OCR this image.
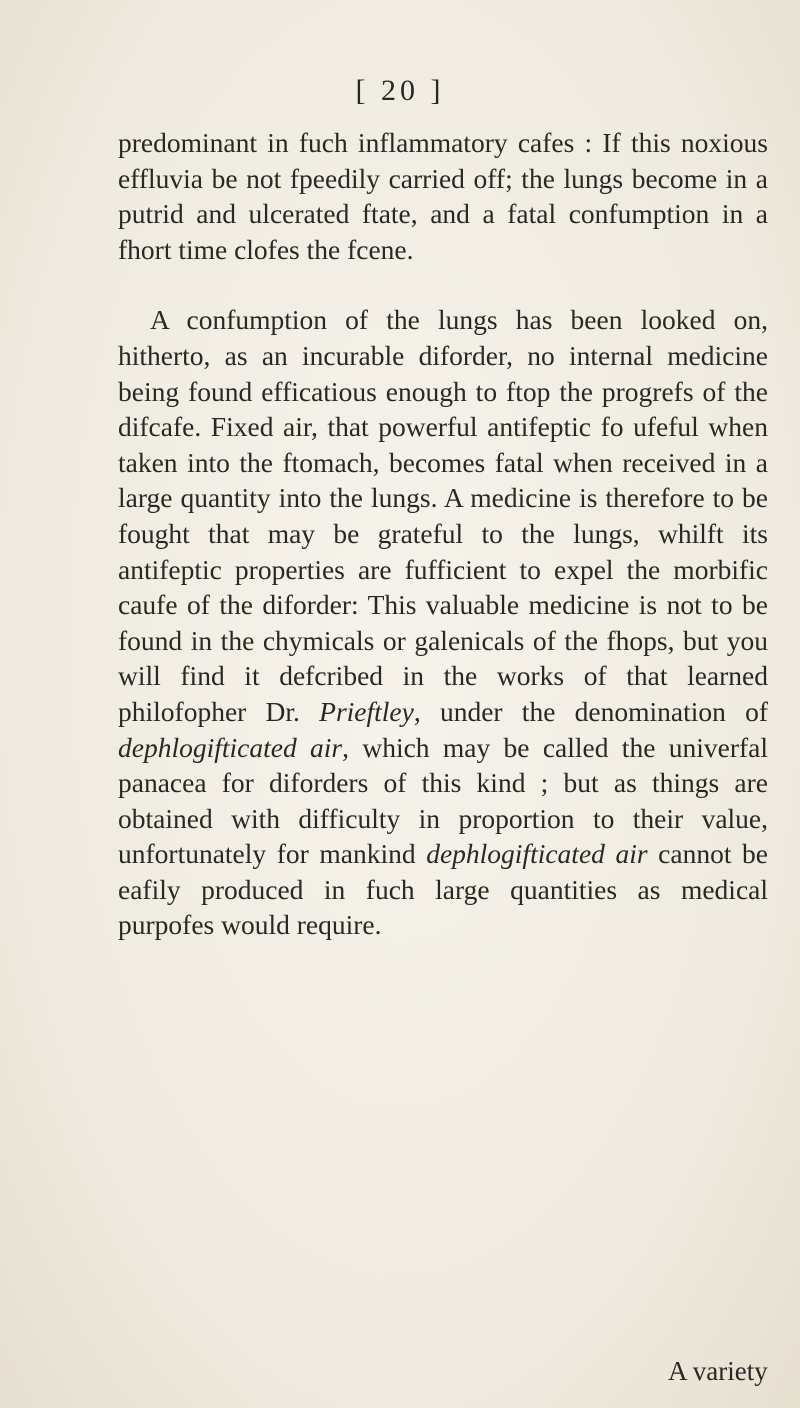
[ 20 ]

predominant in fuch inflammatory cafes : If this noxious effluvia be not fpeedily carried off; the lungs become in a putrid and ulcerated ftate, and a fatal confumption in a fhort time clofes the fcene.

A confumption of the lungs has been looked on, hitherto, as an incurable diforder, no internal medicine being found efficatious enough to ftop the progrefs of the difcafe. Fixed air, that powerful antifeptic fo ufeful when taken into the ftomach, becomes fatal when received in a large quantity into the lungs. A medicine is therefore to be fought that may be grateful to the lungs, whilft its antifeptic properties are fufficient to expel the morbific caufe of the diforder: This valuable medicine is not to be found in the chymicals or galenicals of the fhops, but you will find it defcribed in the works of that learned philofopher Dr. Prieftley, under the denomination of dephlogifticated air, which may be called the univerfal panacea for diforders of this kind ; but as things are obtained with difficulty in proportion to their value, unfortunately for mankind dephlogifticated air cannot be eafily produced in fuch large quantities as medical purpofes would require.

A variety
